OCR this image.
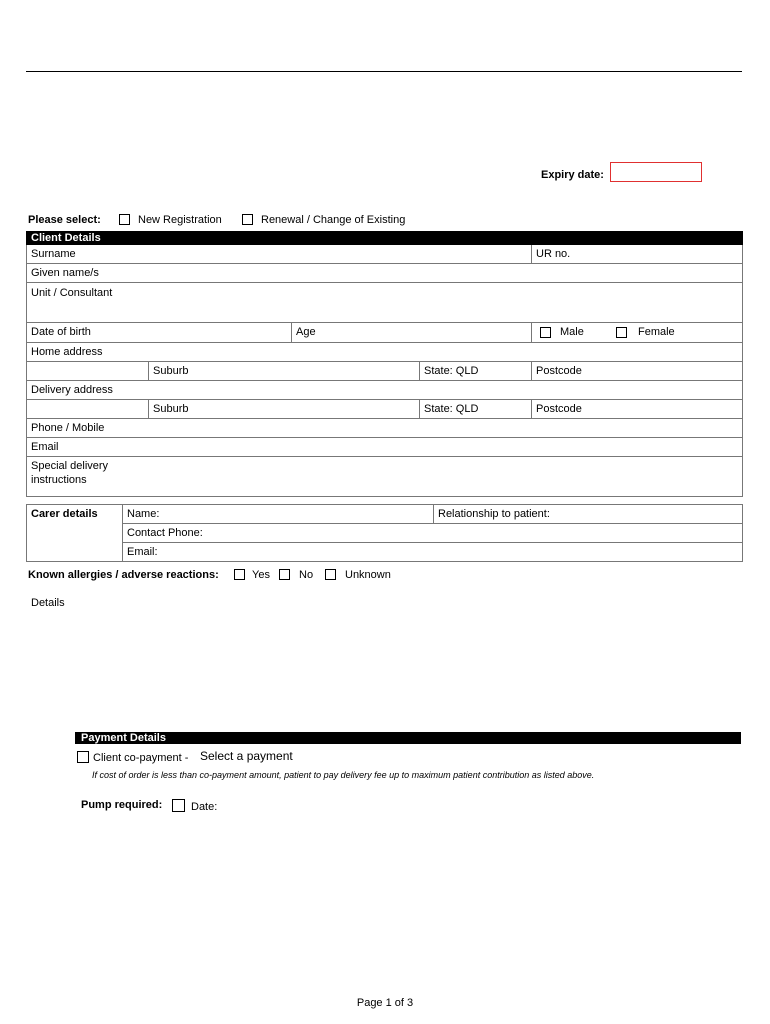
Expiry date:
Please select:	New Registration	Renewal / Change of Existing
Client Details				
Surname				UR no.
Given name/s				
Unit / Consultant				
Date of birth		Age		Male Female

Home address				
	Suburb		State: QLD	Postcode
Delivery address				
	Suburb		State: QLD	Postcode
Phone / Mobile				
Email				
Special delivery
instructions				
Carer details	Name:	Relationship to patient:
Contact Phone:
Email:
Known allergies / adverse reactions:	Yes	No	Unknown
Details
Payment Details
Client co-payment - Select a payment
If cost of order is less than co-payment amount, patient to pay delivery fee up to maximum patient contribution as listed above.
Pump required:	Date:
Page 1 of 3
